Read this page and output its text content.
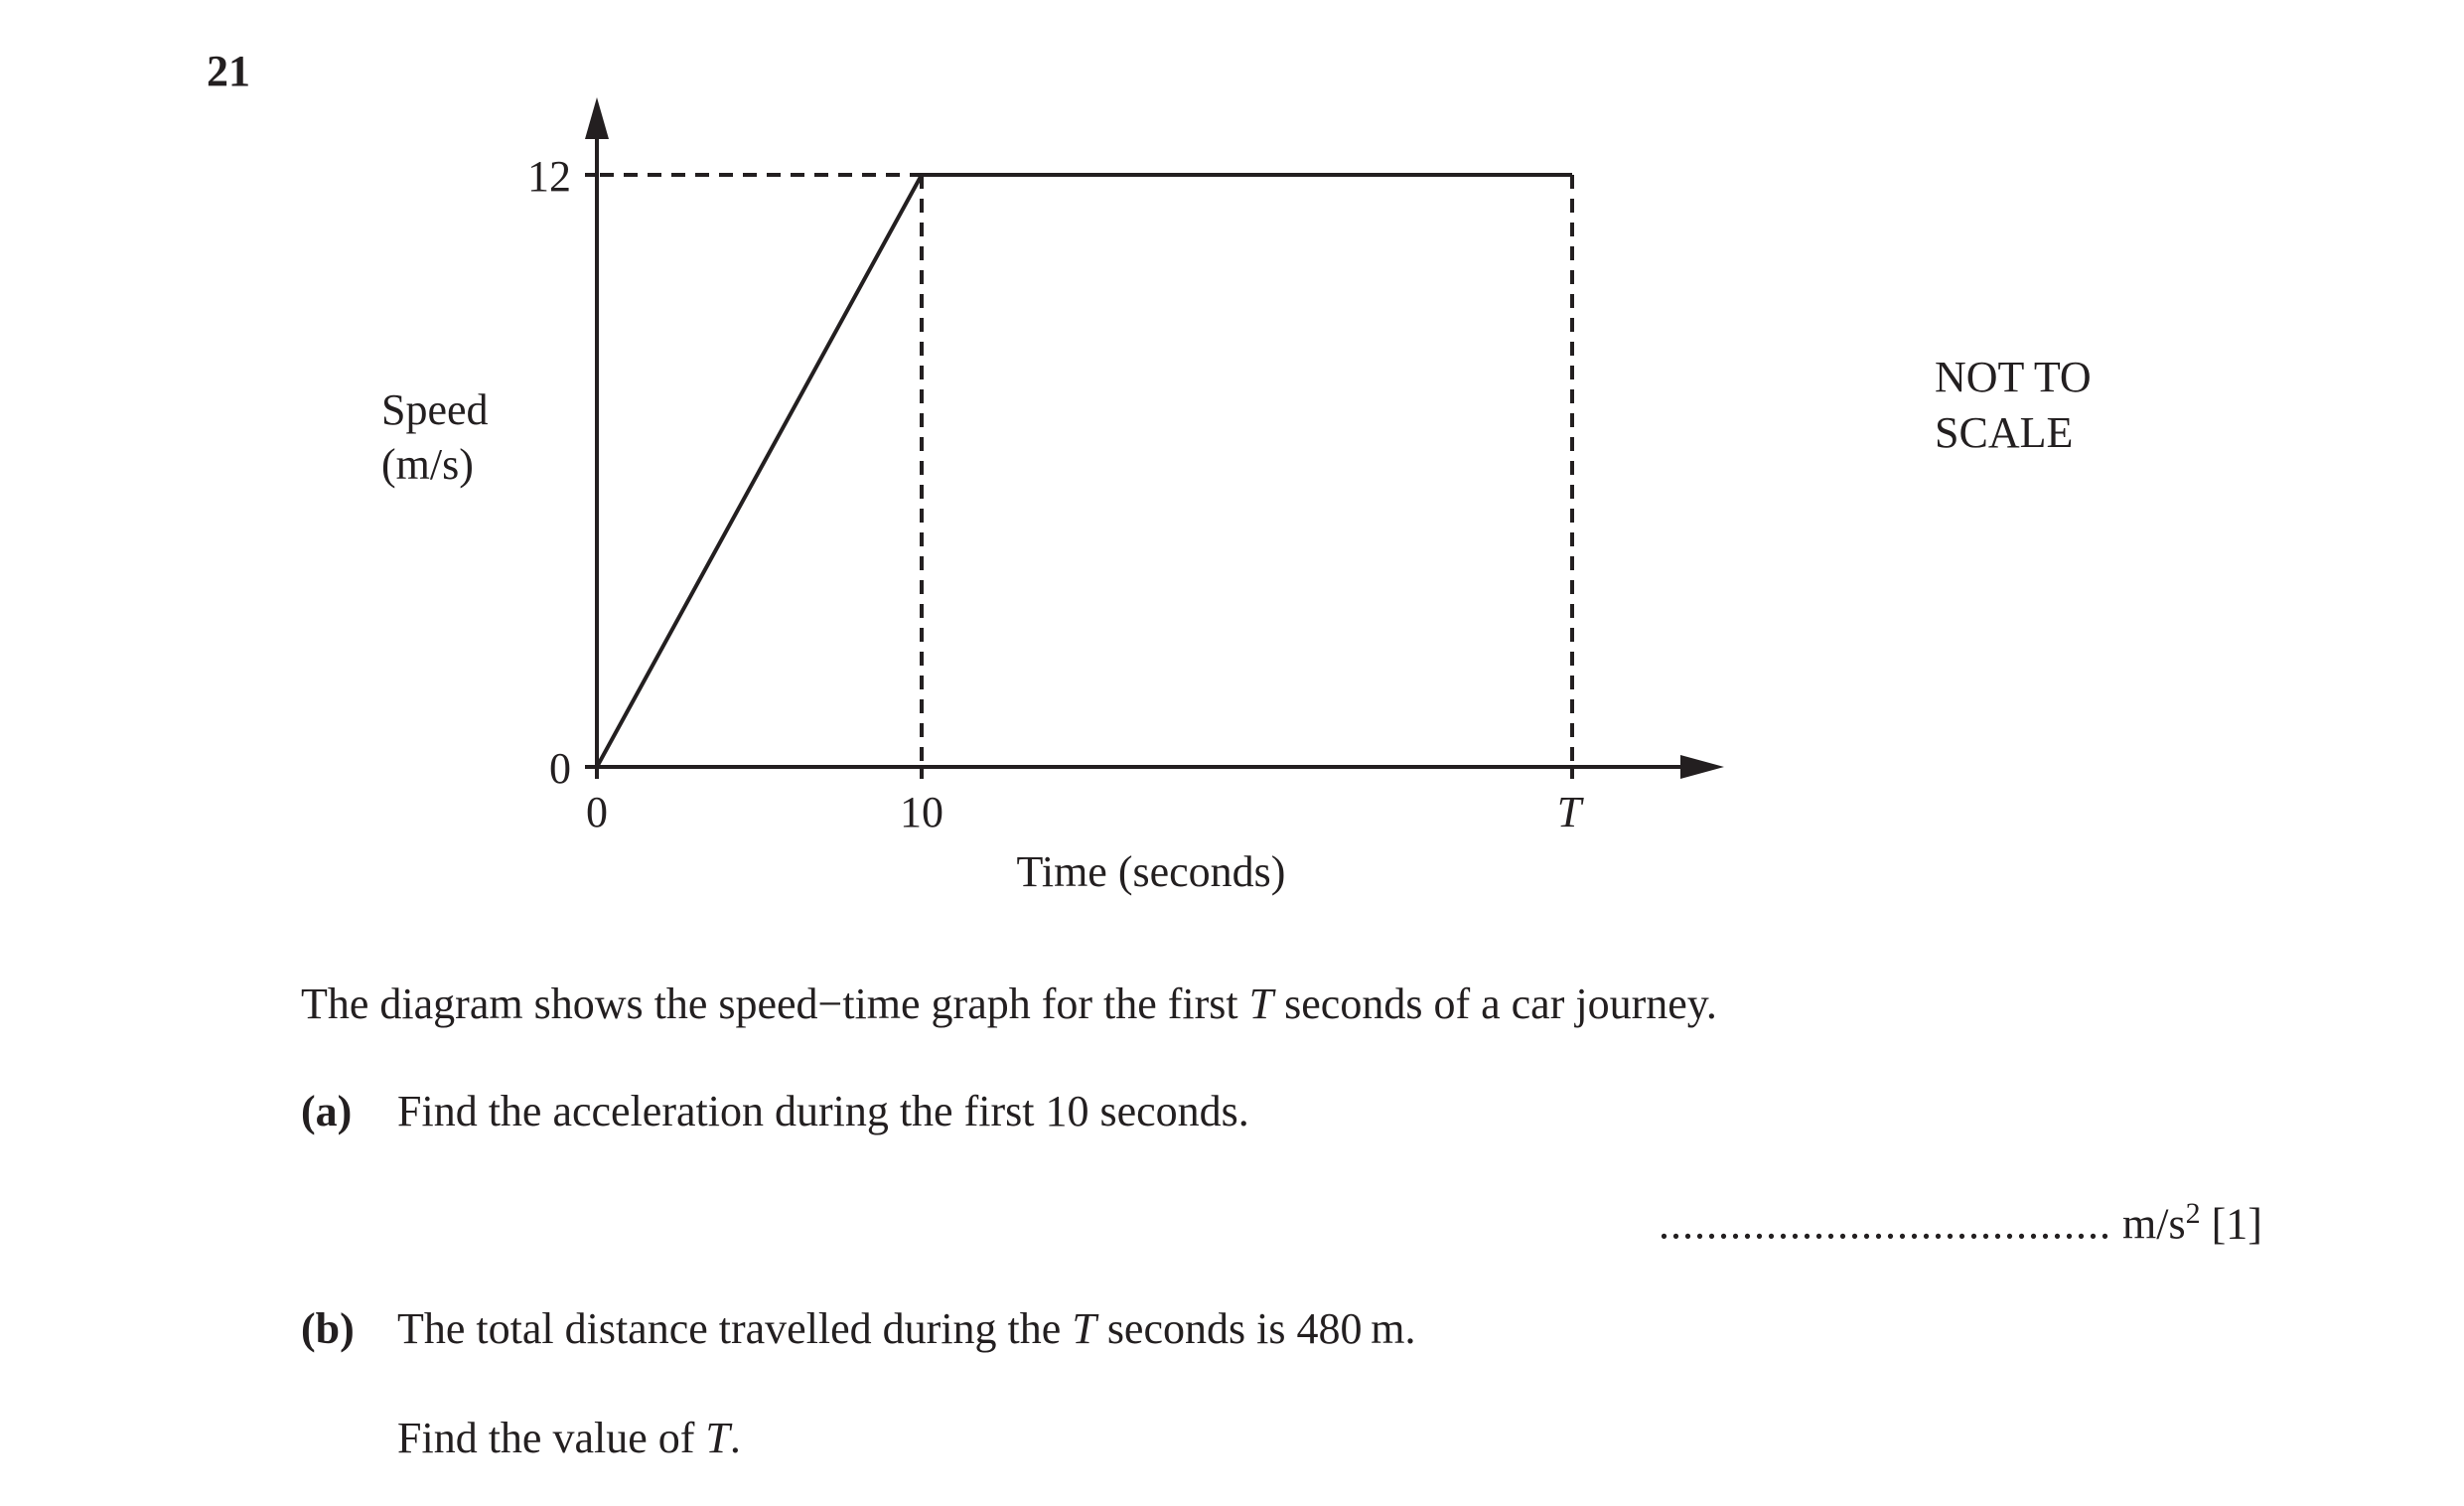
21
12
0
0	10	T
Speed
(m/s)
Time (seconds)
NOT TO
SCALE
The diagram shows the speed−time graph for the first T seconds of a car journey.
(a) Find the acceleration during the first 10 seconds.
...................................... $m/s^2$ [1]
(b) The total distance travelled during the T seconds is 480 m.
Find the value of T.
